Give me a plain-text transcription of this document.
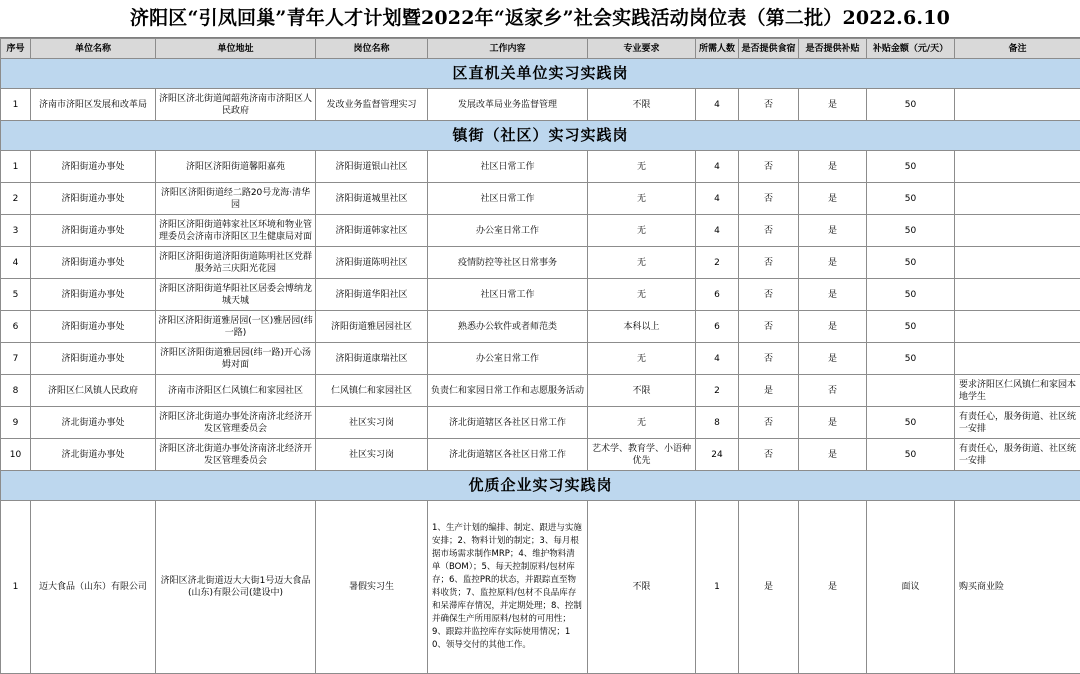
济阳区“引凤回巢”青年人才计划暨2022年“返家乡”社会实践活动岗位表（第二批）2022.6.10
序号	单位名称	单位地址	岗位名称	工作内容	专业要求	所需人数	是否提供食宿	是否提供补贴	补贴金额（元/天）	备注
区直机关单位实习实践岗										
1	济南市济阳区发展和改革局	济阳区济北街道闻韶苑济南市济阳区人民政府	发改业务监督管理实习	发展改革局业务监督管理	不限	4	否	是	50	
镇街（社区）实习实践岗										
1	济阳街道办事处	济阳区济阳街道馨阳嘉苑	济阳街道银山社区	社区日常工作	无	4	否	是	50	
2	济阳街道办事处	济阳区济阳街道经二路20号龙海·清华园	济阳街道城里社区	社区日常工作	无	4	否	是	50	
3	济阳街道办事处	济阳区济阳街道韩家社区环境和物业管理委员会济南市济阳区卫生健康局对面	济阳街道韩家社区	办公室日常工作	无	4	否	是	50	
4	济阳街道办事处	济阳区济阳街道济阳街道陈明社区党群服务站三庆阳光花园	济阳街道陈明社区	疫情防控等社区日常事务	无	2	否	是	50	
5	济阳街道办事处	济阳区济阳街道华阳社区居委会博纳龙城天城	济阳街道华阳社区	社区日常工作	无	6	否	是	50	
6	济阳街道办事处	济阳区济阳街道雅居园(一区)雅居园(纬一路)	济阳街道雅居园社区	熟悉办公软件或者师范类	本科以上	6	否	是	50	
7	济阳街道办事处	济阳区济阳街道雅居园(纬一路)开心汤姆对面	济阳街道康瑞社区	办公室日常工作	无	4	否	是	50	
8	济阳区仁风镇人民政府	济南市济阳区仁风镇仁和家园社区	仁风镇仁和家园社区	负责仁和家园日常工作和志愿服务活动	不限	2	是	否		要求济阳区仁风镇仁和家园本地学生
9	济北街道办事处	济阳区济北街道办事处济南济北经济开发区管理委员会	社区实习岗	济北街道辖区各社区日常工作	无	8	否	是	50	有责任心，服务街道、社区统一安排
10	济北街道办事处	济阳区济北街道办事处济南济北经济开发区管理委员会	社区实习岗	济北街道辖区各社区日常工作	艺术学、教育学、小语种优先	24	否	是	50	有责任心，服务街道、社区统一安排
优质企业实习实践岗										
1	迈大食品（山东）有限公司	济阳区济北街道迈大大街1号迈大食品(山东)有限公司(建设中)	暑假实习生	1、生产计划的编排、制定、跟进与实施安排；2、物料计划的制定；3、每月根据市场需求制作MRP；4、维护物料清单（BOM）；5、每天控制原料/包材库存；6、监控PR的状态，并跟踪直至物料收货；7、监控原料/包材不良品库存和呆滞库存情况，并定期处理；8、控制并确保生产所用原料/包材的可用性；9、跟踪并监控库存实际使用情况；10、领导交付的其他工作。	不限	1	是	是	面议	购买商业险
